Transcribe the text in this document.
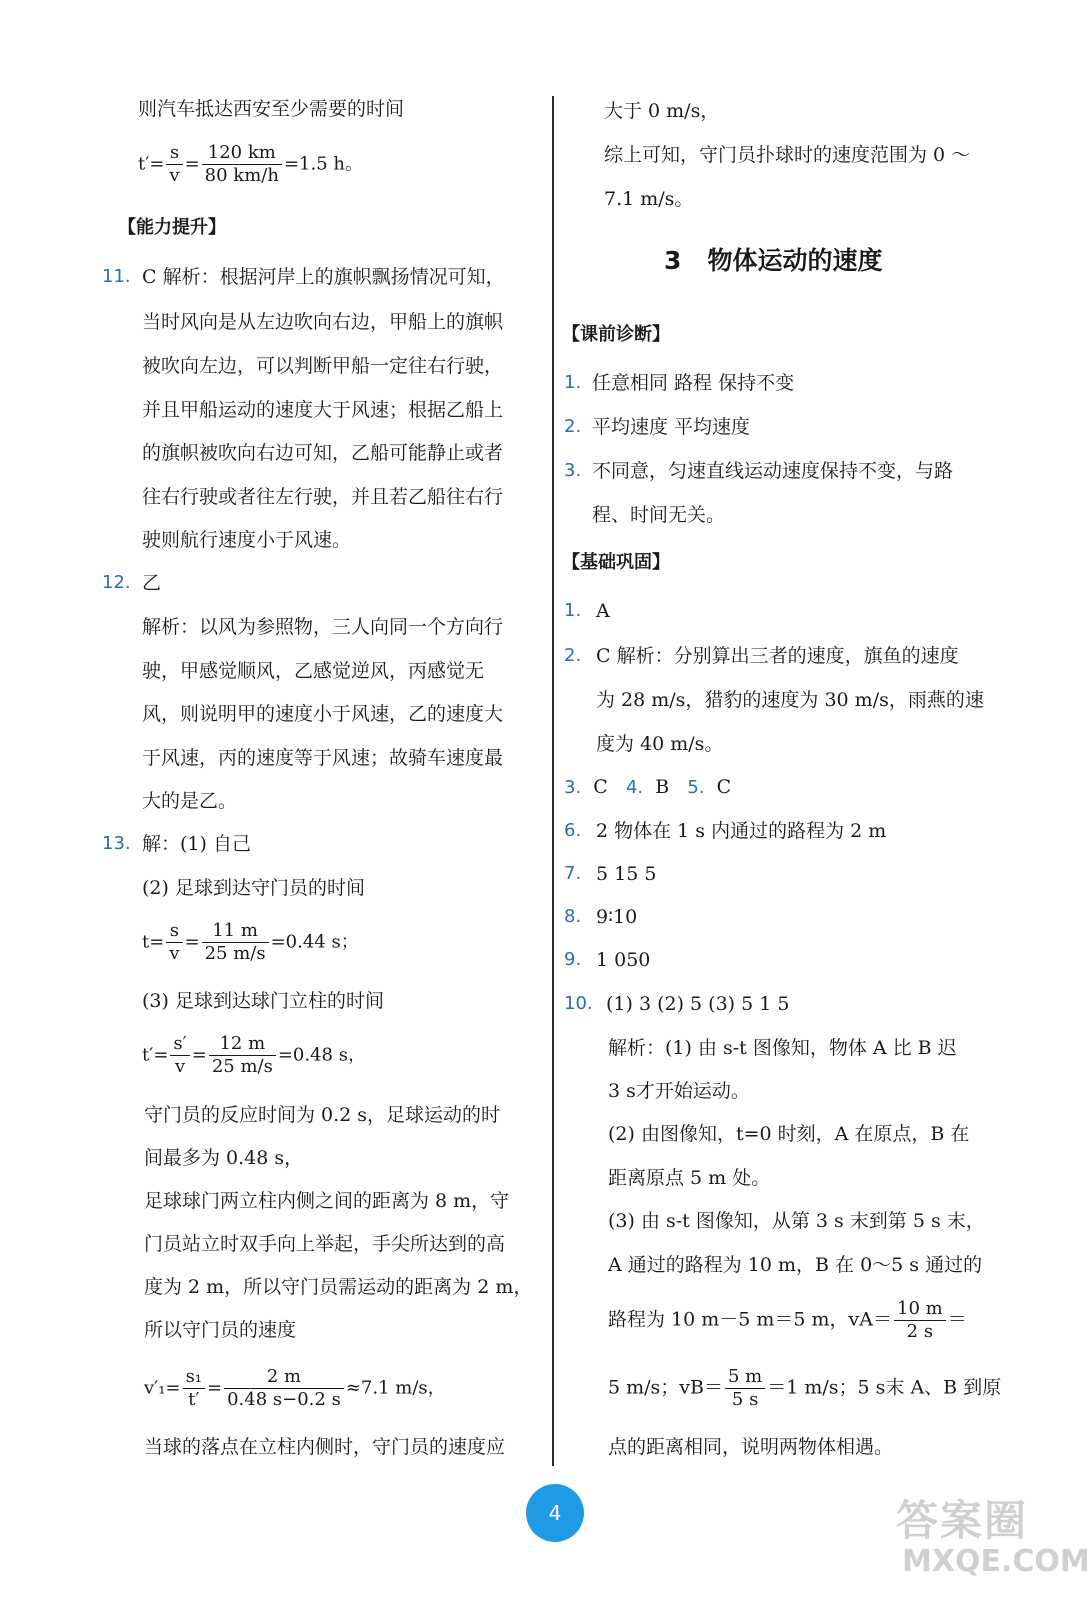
则汽车抵达西安至少需要的时间
$t'= \frac{s}{v} = \frac{120 km}{80 km/h} =1.5$ h。
【能力提升】
11. C 解析：根据河岸上的旗帜飘扬情况可知，
当时风向是从左边吹向右边，甲船上的旗帜
被吹向左边，可以判断甲船一定往右行驶，
并且甲船运动的速度大于风速；根据乙船上
的旗帜被吹向右边可知，乙船可能静止或者
往右行驶或者往左行驶，并且若乙船往右行
驶则航行速度小于风速。
12. 乙
解析：以风为参照物，三人向同一个方向行
驶，甲感觉顺风，乙感觉逆风，丙感觉无
风，则说明甲的速度小于风速，乙的速度大
于风速，丙的速度等于风速；故骑车速度最
大的是乙。
13. 解：(1) 自己
(2) 足球到达守门员的时间
$t= \frac{s}{v} = \frac{11 m}{25 m/s} =0.44$ s；
(3) 足球到达球门立柱的时间
$t'= \frac{s'}{v} = \frac{12 m}{25 m/s} =0.48$ s，
守门员的反应时间为 0.2 s，足球运动的时
间最多为 0.48 s，
足球球门两立柱内侧之间的距离为 8 m，守
门员站立时双手向上举起，手尖所达到的高
度为 2 m，所以守门员需运动的距离为 2 m，
所以守门员的速度
$v'_1= \frac{\text{s₁}}{t'} = \frac{2 m}{0.48 s-0.2 s} \approx 7.1$ m/s，
当球的落点在立柱内侧时，守门员的速度应
大于 0 m/s，
综上可知，守门员扑球时的速度范围为 0 ～
7.1 m/s。
3 物体运动的速度
【课前诊断】
1. 任意相同 路程 保持不变
2. 平均速度 平均速度
3. 不同意，匀速直线运动速度保持不变，与路
程、时间无关。
【基础巩固】
1. A
2. C 解析：分别算出三者的速度，旗鱼的速度
为 28 m/s，猎豹的速度为 30 m/s，雨燕的速
度为 40 m/s。
3. C 4. B 5. C
6. 2 物体在 1 s 内通过的路程为 2 m
7. 5 15 5
8. 9∶10
9. 1 050
10. (1) 3 (2) 5 (3) 5 1 5
解析：(1) 由 s-t 图像知，物体 A 比 B 迟
3 s才开始运动。
(2) 由图像知，t=0 时刻，A 在原点，B 在
距离原点 5 m 处。
(3) 由 s-t 图像知，从第 3 s 末到第 5 s 末，
A 通过的路程为 10 m，B 在 0～5 s 通过的
路程为 10 m－5 m＝5 m，$vA= \frac{10 m}{2 s}$ ＝
5 m/s；$vB= \frac{5 m}{5 s} =1$ m/s；5 s末 A、B 到原
点的距离相同，说明两物体相遇。
4	答案圈
MXQE.COM
